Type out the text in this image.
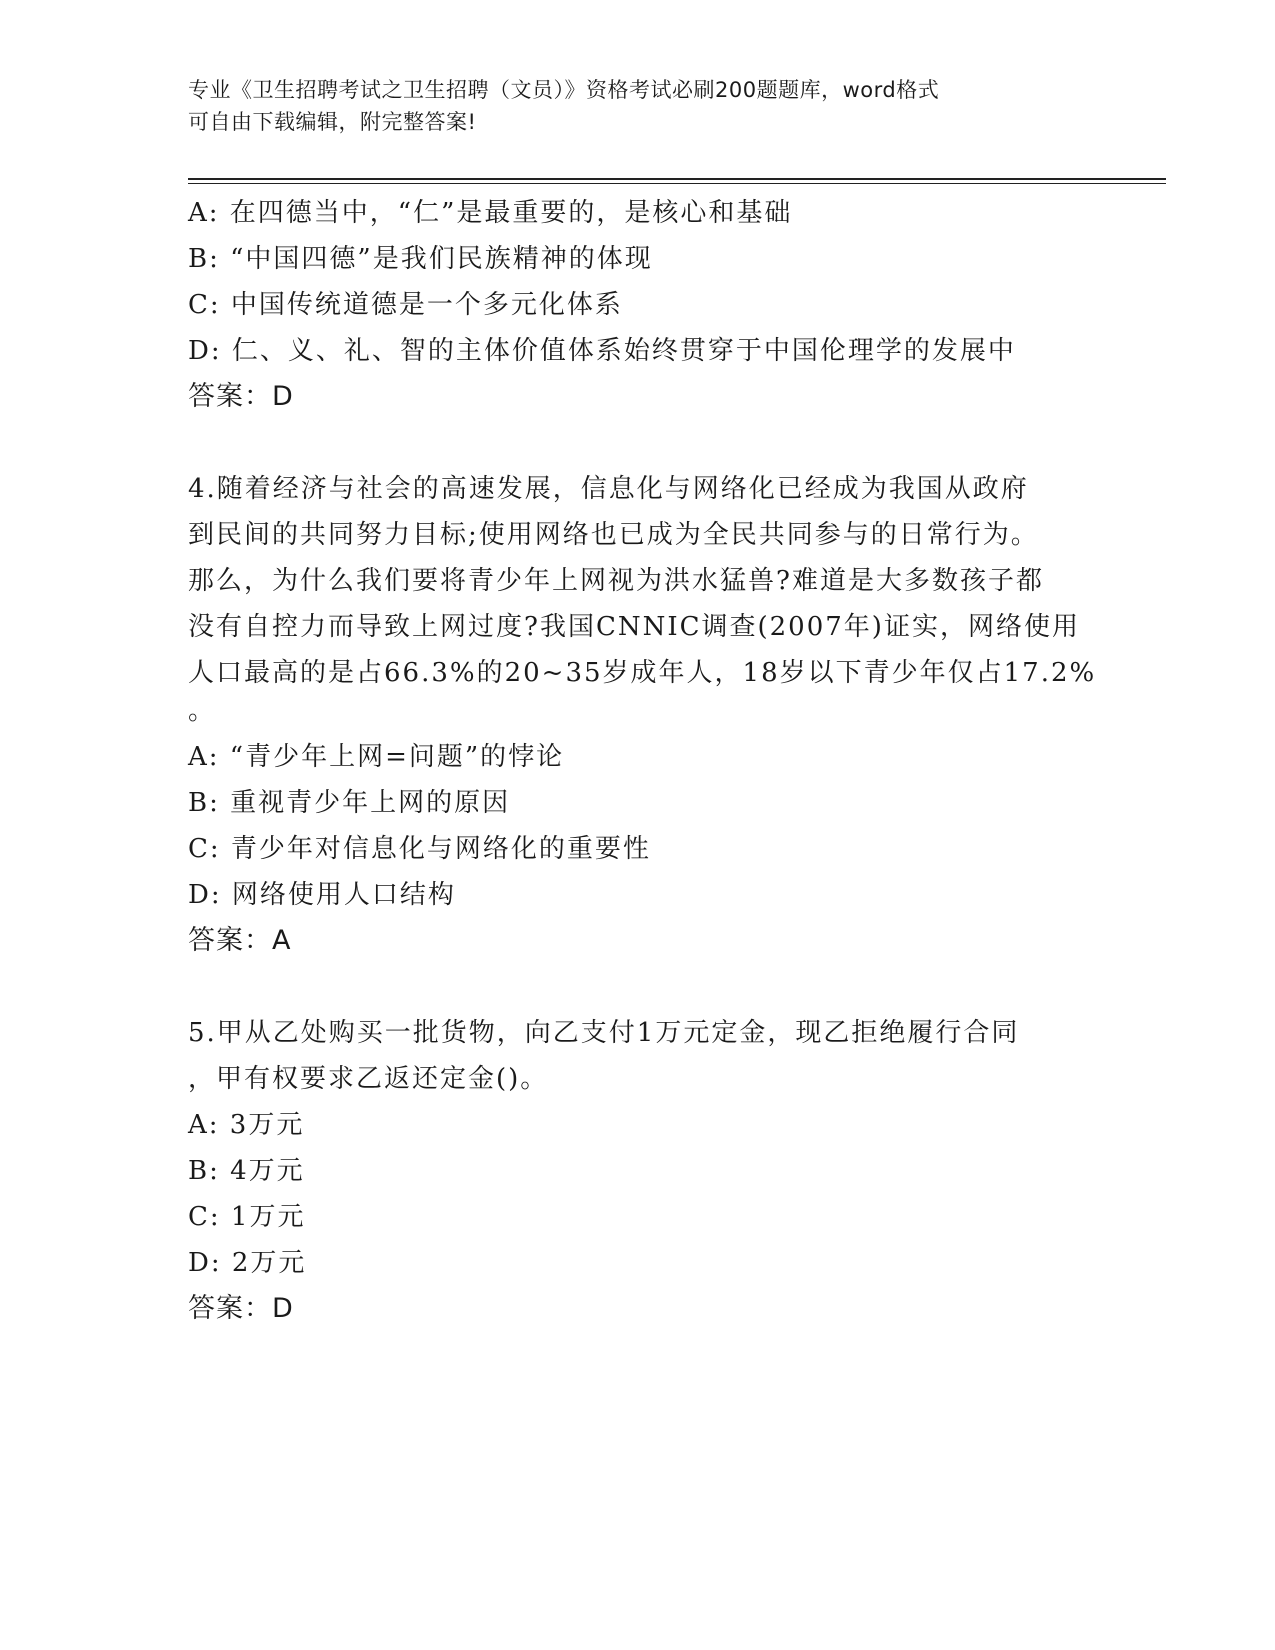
专业《卫生招聘考试之卫生招聘（文员）》资格考试必刷200题题库，word格式
可自由下载编辑，附完整答案!
A: 在四德当中，“仁”是最重要的，是核心和基础
B: “中国四德”是我们民族精神的体现
C: 中国传统道德是一个多元化体系
D: 仁、义、礼、智的主体价值体系始终贯穿于中国伦理学的发展中
答案：D
4.随着经济与社会的高速发展，信息化与网络化已经成为我国从政府
到民间的共同努力目标;使用网络也已成为全民共同参与的日常行为。
那么，为什么我们要将青少年上网视为洪水猛兽?难道是大多数孩子都
没有自控力而导致上网过度?我国CNNIC调查(2007年)证实，网络使用
人口最高的是占66.3%的20~35岁成年人，18岁以下青少年仅占17.2%
。
A: “青少年上网=问题”的悖论
B: 重视青少年上网的原因
C: 青少年对信息化与网络化的重要性
D: 网络使用人口结构
答案：A
5.甲从乙处购买一批货物，向乙支付1万元定金，现乙拒绝履行合同
，甲有权要求乙返还定金()。
A: 3万元
B: 4万元
C: 1万元
D: 2万元
答案：D
